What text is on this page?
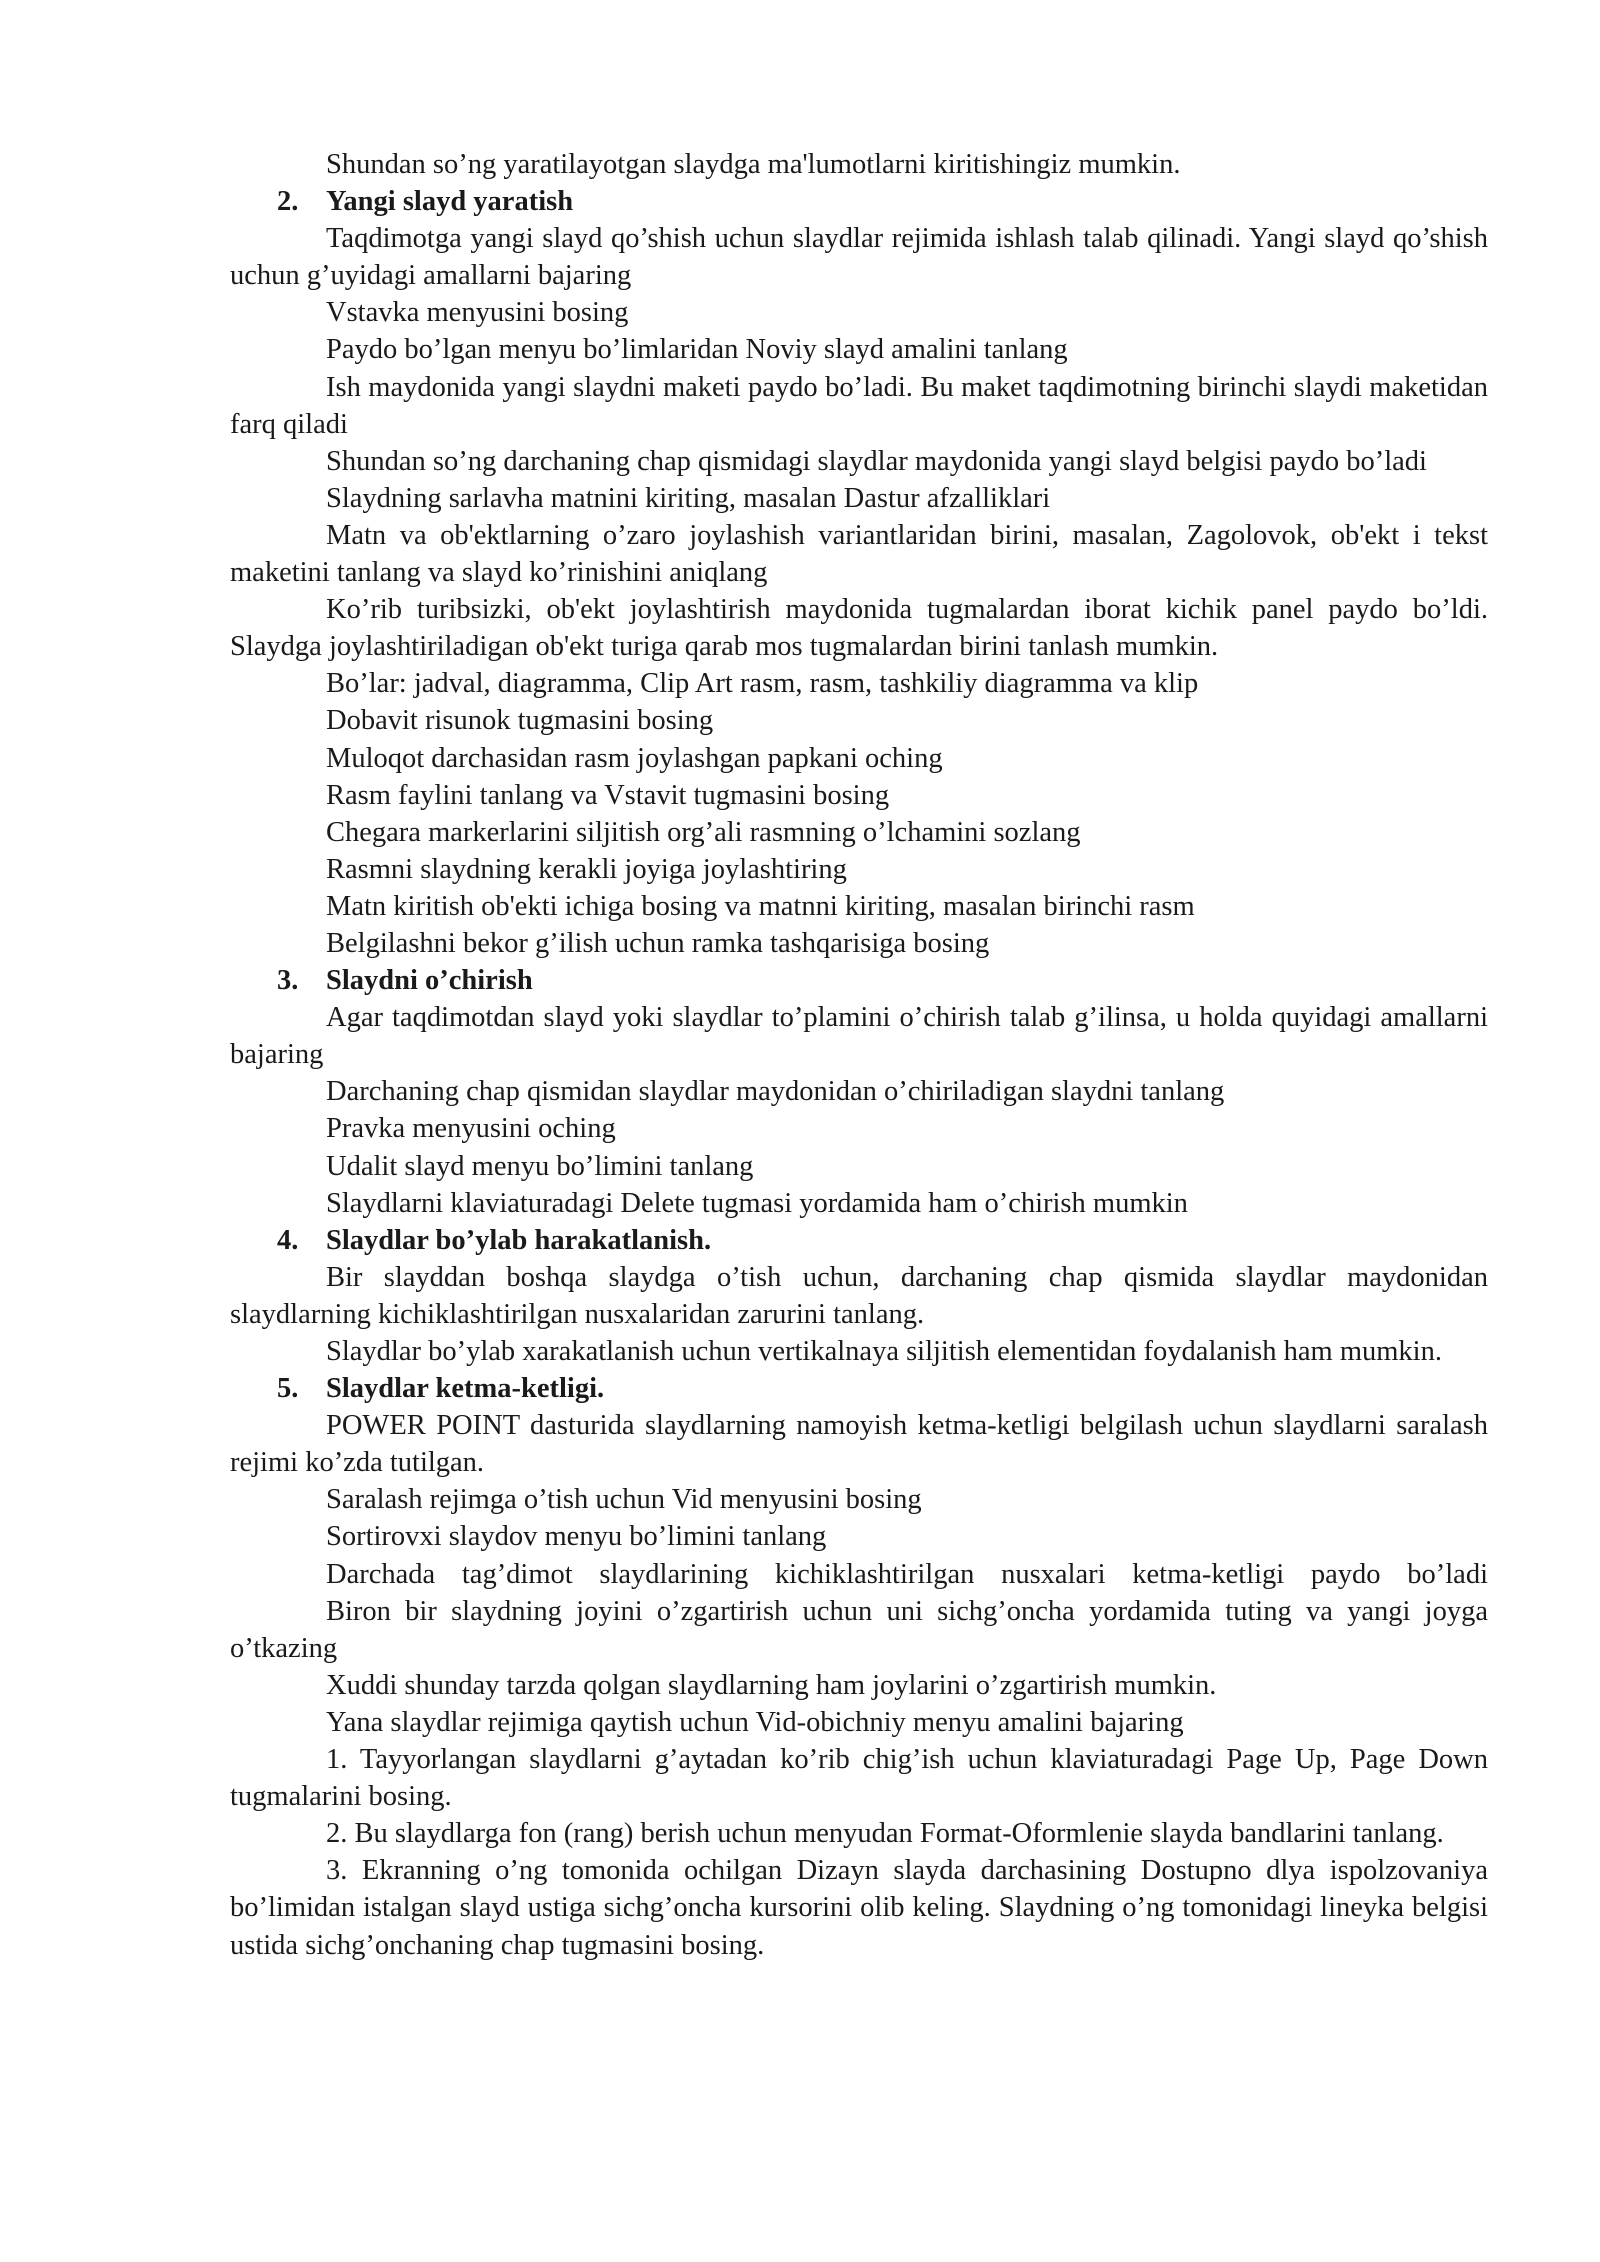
Shundan so’ng yaratilayotgan slaydga ma'lumotlarni kiritishingiz mumkin.

2. Yangi slayd yaratish

Taqdimotga yangi slayd qo’shish uchun slaydlar rejimida ishlash talab qilinadi. Yangi slayd qo’shish uchun g’uyidagi amallarni bajaring

Vstavka menyusini bosing

Paydo bo’lgan menyu bo’limlaridan Noviy slayd amalini tanlang

Ish maydonida yangi slaydni maketi paydo bo’ladi. Bu maket taqdimotning birinchi slaydi maketidan farq qiladi

Shundan so’ng darchaning chap qismidagi slaydlar maydonida yangi slayd belgisi paydo bo’ladi

Slaydning sarlavha matnini kiriting, masalan Dastur afzalliklari

Matn va ob'ektlarning o’zaro joylashish variantlaridan birini, masalan, Zagolovok, ob'ekt i tekst maketini tanlang va slayd ko’rinishini aniqlang

Ko’rib turibsizki, ob'ekt joylashtirish maydonida tugmalardan iborat kichik panel paydo bo’ldi. Slaydga joylashtiriladigan ob'ekt turiga qarab mos tugmalardan birini tanlash mumkin.

Bo’lar: jadval, diagramma, Clip Art rasm, rasm, tashkiliy diagramma va klip

Dobavit risunok tugmasini bosing

Muloqot darchasidan rasm joylashgan papkani oching

Rasm faylini tanlang va Vstavit tugmasini bosing

Chegara markerlarini siljitish org’ali rasmning o’lchamini sozlang

Rasmni slaydning kerakli joyiga joylashtiring

Matn kiritish ob'ekti ichiga bosing va matnni kiriting, masalan birinchi rasm

Belgilashni bekor g’ilish uchun ramka tashqarisiga bosing

3. Slaydni o’chirish

Agar taqdimotdan slayd yoki slaydlar to’plamini o’chirish talab g’ilinsa, u holda quyidagi amallarni bajaring

Darchaning chap qismidan slaydlar maydonidan o’chiriladigan slaydni tanlang

Pravka menyusini oching

Udalit slayd menyu bo’limini tanlang

Slaydlarni klaviaturadagi Delete tugmasi yordamida ham o’chirish mumkin

4. Slaydlar bo’ylab harakatlanish.

Bir slayddan boshqa slaydga o’tish uchun, darchaning chap qismida slaydlar maydonidan slaydlarning kichiklashtirilgan nusxalaridan zarurini tanlang.

Slaydlar bo’ylab xarakatlanish uchun vertikalnaya siljitish elementidan foydalanish ham mumkin.

5. Slaydlar ketma-ketligi.

POWER POINT dasturida slaydlarning namoyish ketma-ketligi belgilash uchun slaydlarni saralash rejimi ko’zda tutilgan.

Saralash rejimga o’tish uchun Vid menyusini bosing

Sortirovxi slaydov menyu bo’limini tanlang

Darchada tag’dimot slaydlarining kichiklashtirilgan nusxalari ketma-ketligi paydo bo’ladi

Biron bir slaydning joyini o’zgartirish uchun uni sichg’oncha yordamida tuting va yangi joyga o’tkazing

Xuddi shunday tarzda qolgan slaydlarning ham joylarini o’zgartirish mumkin.

Yana slaydlar rejimiga qaytish uchun Vid-obichniy menyu amalini bajaring

1. Tayyorlangan slaydlarni g’aytadan ko’rib chig’ish uchun klaviaturadagi Page Up, Page Down tugmalarini bosing.

2. Bu slaydlarga fon (rang) berish uchun menyudan Format-Oformlenie slayda bandlarini tanlang.

3. Ekranning o’ng tomonida ochilgan Dizayn slayda darchasining Dostupno dlya ispolzovaniya bo’limidan istalgan slayd ustiga sichg’oncha kursorini olib keling. Slaydning o’ng tomonidagi lineyka belgisi ustida sichg’onchaning chap tugmasini bosing.
